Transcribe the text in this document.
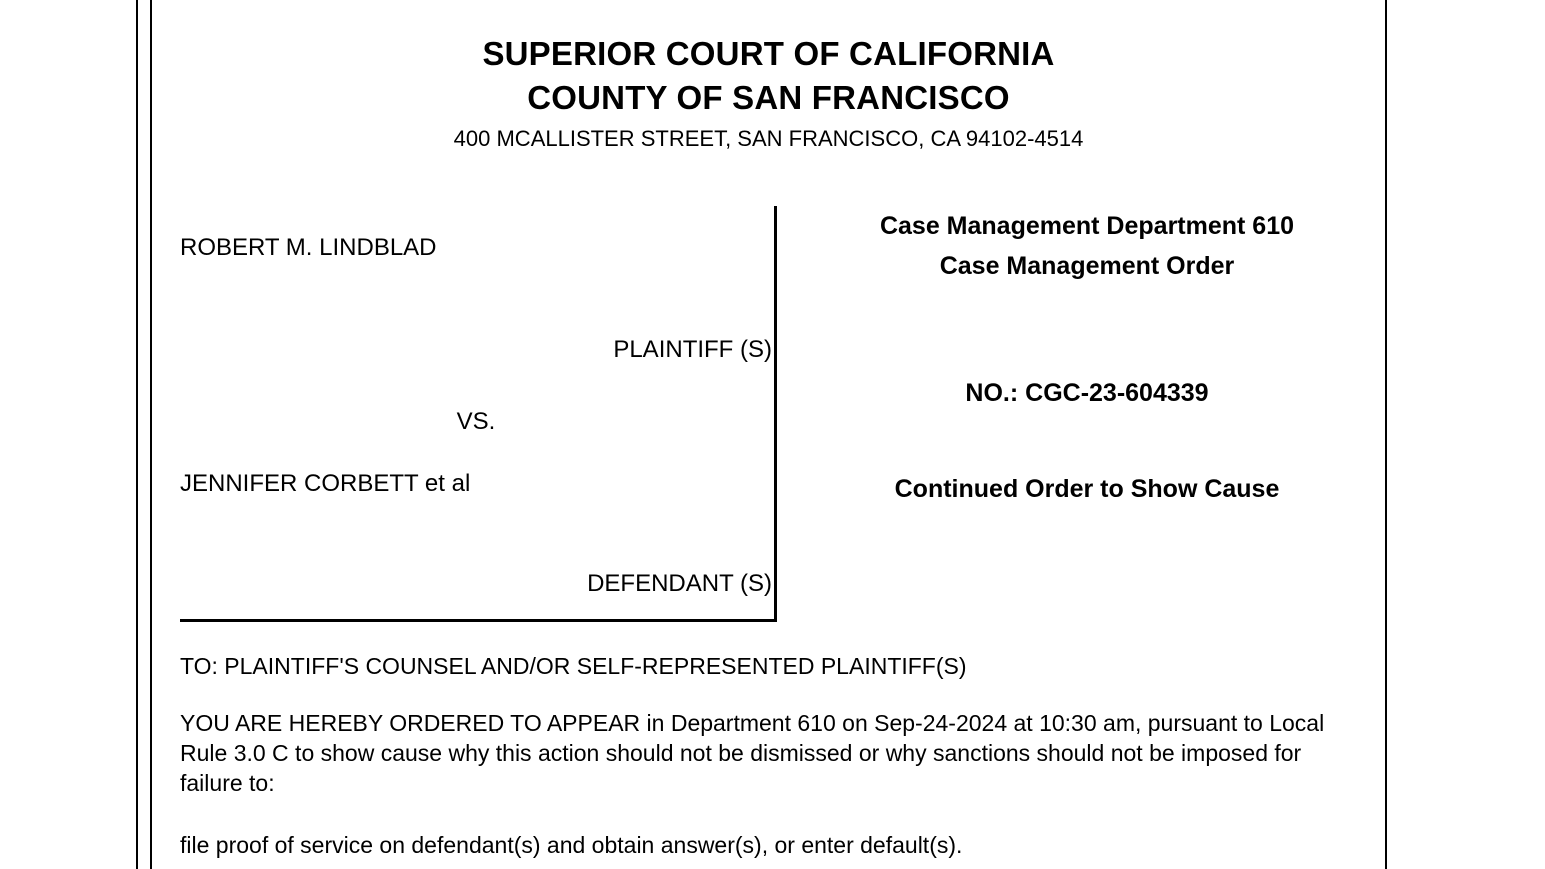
SUPERIOR COURT OF CALIFORNIA
COUNTY OF SAN FRANCISCO
400 MCALLISTER STREET, SAN FRANCISCO, CA 94102-4514
ROBERT M. LINDBLAD
PLAINTIFF (S)
VS.
JENNIFER CORBETT et al
DEFENDANT (S)
Case Management Department 610
Case Management Order
NO.: CGC-23-604339
Continued Order to Show Cause
TO: PLAINTIFF'S COUNSEL AND/OR SELF-REPRESENTED PLAINTIFF(S)
YOU ARE HEREBY ORDERED TO APPEAR in Department 610 on Sep-24-2024 at 10:30 am, pursuant to Local Rule 3.0 C to show cause why this action should not be dismissed or why sanctions should not be imposed for failure to:
file proof of service on defendant(s) and obtain answer(s), or enter default(s).
